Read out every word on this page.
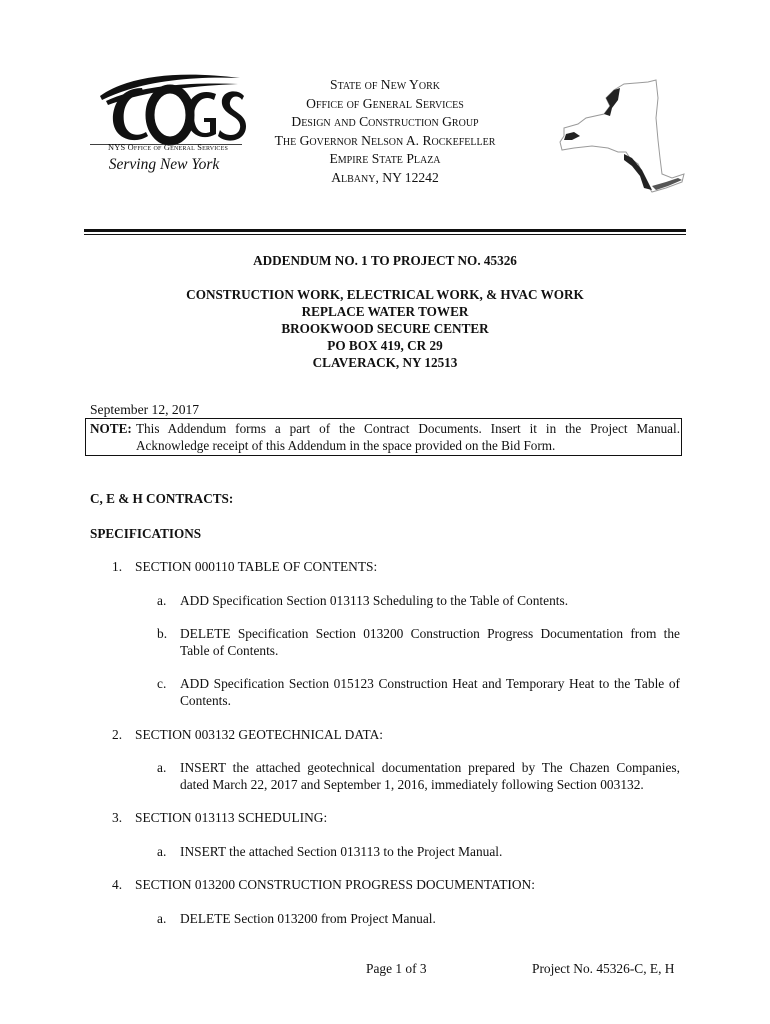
NYS Office of General Services
Serving New York
State of New York
Office of General Services
Design and Construction Group
The Governor Nelson A. Rockefeller
Empire State Plaza
Albany, NY 12242
ADDENDUM NO. 1 TO PROJECT NO. 45326
CONSTRUCTION WORK, ELECTRICAL WORK, & HVAC WORK
REPLACE WATER TOWER
BROOKWOOD SECURE CENTER
PO BOX 419, CR 29
CLAVERACK, NY 12513
September 12, 2017
NOTE: This Addendum forms a part of the Contract Documents. Insert it in the Project Manual.
Acknowledge receipt of this Addendum in the space provided on the Bid Form.
C, E & H CONTRACTS:
SPECIFICATIONS
1. SECTION 000110 TABLE OF CONTENTS:
a. ADD Specification Section 013113 Scheduling to the Table of Contents.
b. DELETE Specification Section 013200 Construction Progress Documentation from the Table of Contents.
c. ADD Specification Section 015123 Construction Heat and Temporary Heat to the Table of Contents.
2. SECTION 003132 GEOTECHNICAL DATA:
a. INSERT the attached geotechnical documentation prepared by The Chazen Companies, dated March 22, 2017 and September 1, 2016, immediately following Section 003132.
3. SECTION 013113 SCHEDULING:
a. INSERT the attached Section 013113 to the Project Manual.
4. SECTION 013200 CONSTRUCTION PROGRESS DOCUMENTATION:
a. DELETE Section 013200 from Project Manual.
Page 1 of 3	Project No. 45326-C, E, H
